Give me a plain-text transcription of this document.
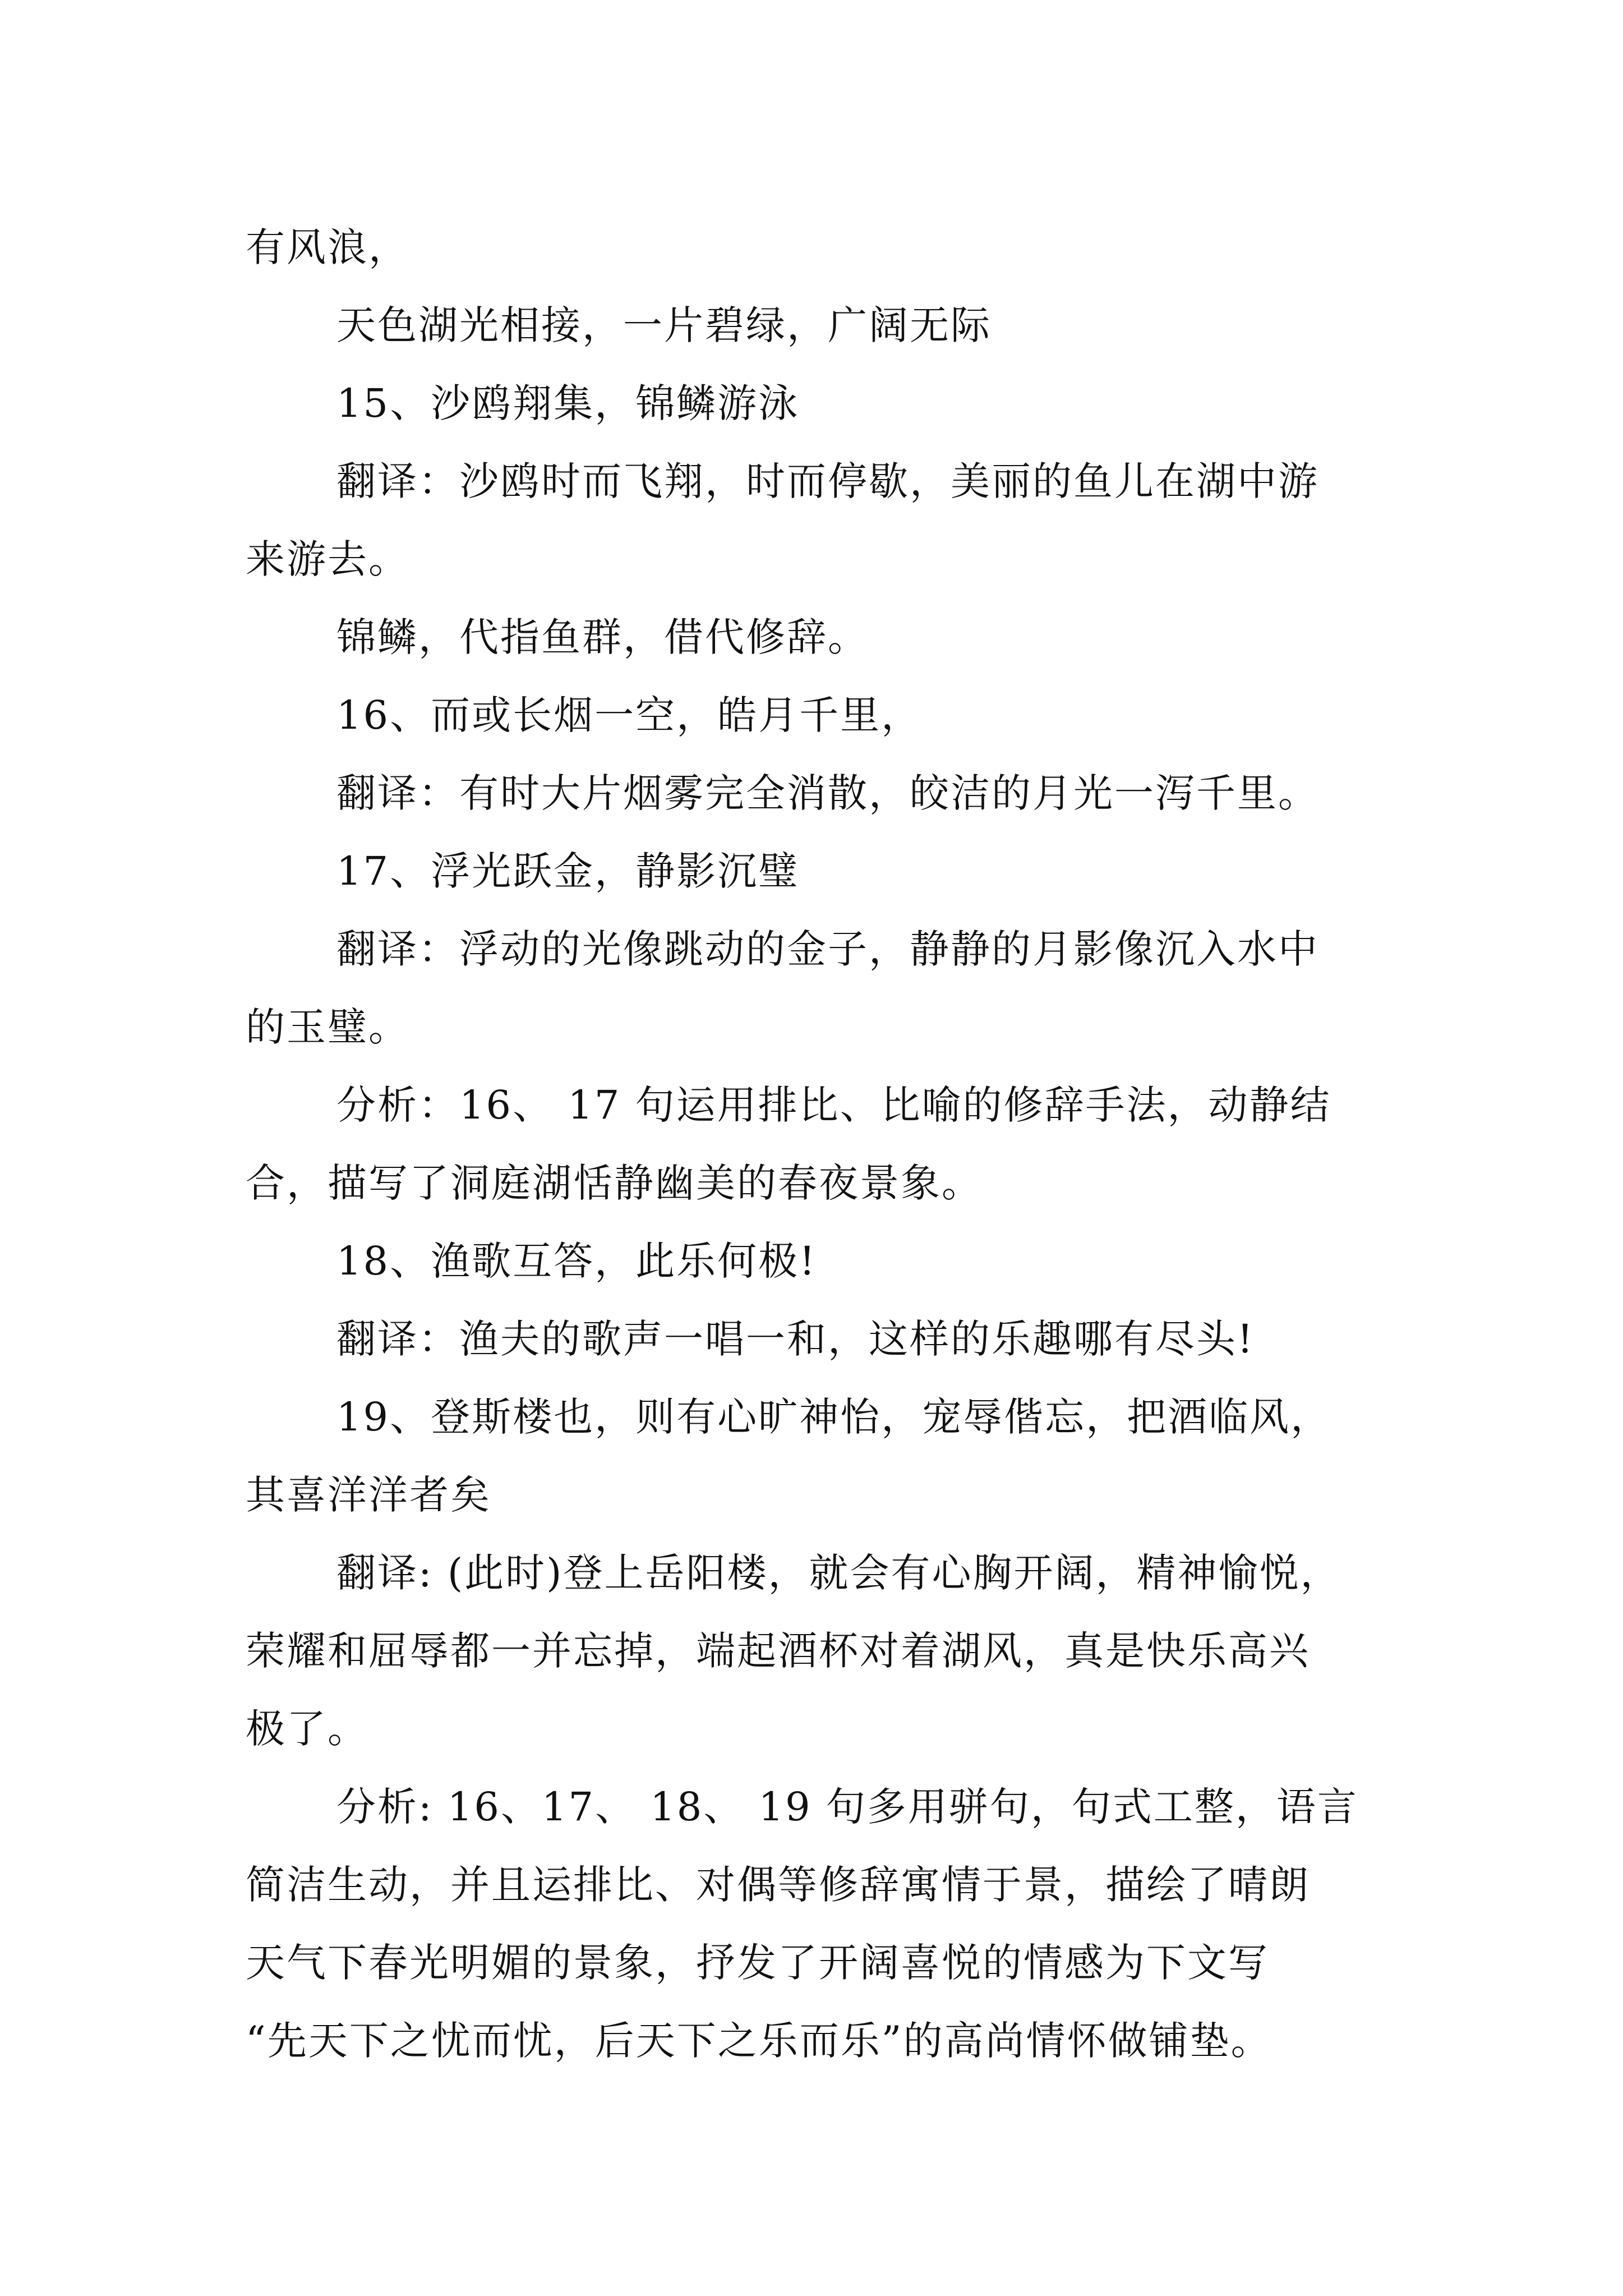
有风浪，
天色湖光相接，一片碧绿，广阔无际
15、沙鸥翔集，锦鳞游泳
翻译：沙鸥时而飞翔，时而停歇，美丽的鱼儿在湖中游
来游去。
锦鳞，代指鱼群，借代修辞。
16、而或长烟一空，皓月千里，
翻译：有时大片烟雾完全消散，皎洁的月光一泻千里。
17、浮光跃金，静影沉璧
翻译：浮动的光像跳动的金子，静静的月影像沉入水中
的玉璧。
分析：16、 17 句运用排比、比喻的修辞手法，动静结
合，描写了洞庭湖恬静幽美的春夜景象。
18、渔歌互答，此乐何极!
翻译：渔夫的歌声一唱一和，这样的乐趣哪有尽头!
19、登斯楼也，则有心旷神怡，宠辱偕忘，把酒临风，
其喜洋洋者矣
翻译: (此时)登上岳阳楼，就会有心胸开阔，精神愉悦，
荣耀和屈辱都一并忘掉，端起酒杯对着湖风，真是快乐高兴
极了。
分析: 16、17、 18、 19 句多用骈句，句式工整，语言
简洁生动，并且运排比、对偶等修辞寓情于景，描绘了晴朗
天气下春光明媚的景象，抒发了开阔喜悦的情感为下文写
“先天下之忧而忧，后天下之乐而乐”的高尚情怀做铺垫。
